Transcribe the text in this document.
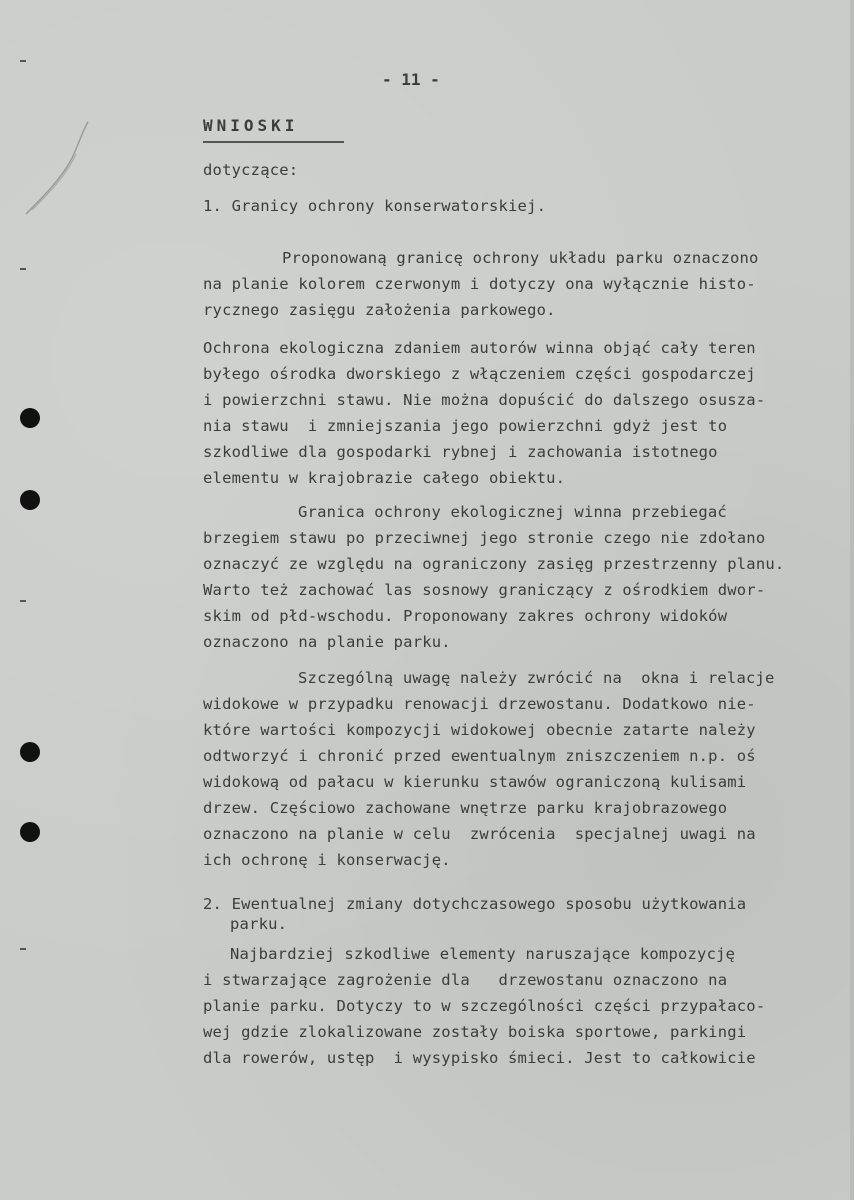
- 11 -
WNIOSKI
dotyczące:
1. Granicy ochrony konserwatorskiej.
Proponowaną granicę ochrony układu parku oznaczono
na planie kolorem czerwonym i dotyczy ona wyłącznie histo-
rycznego zasięgu założenia parkowego.
Ochrona ekologiczna zdaniem autorów winna objąć cały teren
byłego ośrodka dworskiego z włączeniem części gospodarczej
i powierzchni stawu. Nie można dopuścić do dalszego osusza-
nia stawu  i zmniejszania jego powierzchni gdyż jest to
szkodliwe dla gospodarki rybnej i zachowania istotnego
elementu w krajobrazie całego obiektu.
Granica ochrony ekologicznej winna przebiegać
brzegiem stawu po przeciwnej jego stronie czego nie zdołano
oznaczyć ze względu na ograniczony zasięg przestrzenny planu.
Warto też zachować las sosnowy graniczący z ośrodkiem dwor-
skim od płd-wschodu. Proponowany zakres ochrony widoków
oznaczono na planie parku.
Szczególną uwagę należy zwrócić na  okna i relacje
widokowe w przypadku renowacji drzewostanu. Dodatkowo nie-
które wartości kompozycji widokowej obecnie zatarte należy
odtworzyć i chronić przed ewentualnym zniszczeniem n.p. oś
widokową od pałacu w kierunku stawów ograniczoną kulisami
drzew. Częściowo zachowane wnętrze parku krajobrazowego
oznaczono na planie w celu  zwrócenia  specjalnej uwagi na
ich ochronę i konserwację.
2. Ewentualnej zmiany dotychczasowego sposobu użytkowania
parku.
Najbardziej szkodliwe elementy naruszające kompozycję
i stwarzające zagrożenie dla   drzewostanu oznaczono na
planie parku. Dotyczy to w szczególności części przypałaco-
wej gdzie zlokalizowane zostały boiska sportowe, parkingi
dla rowerów, ustęp  i wysypisko śmieci. Jest to całkowicie
